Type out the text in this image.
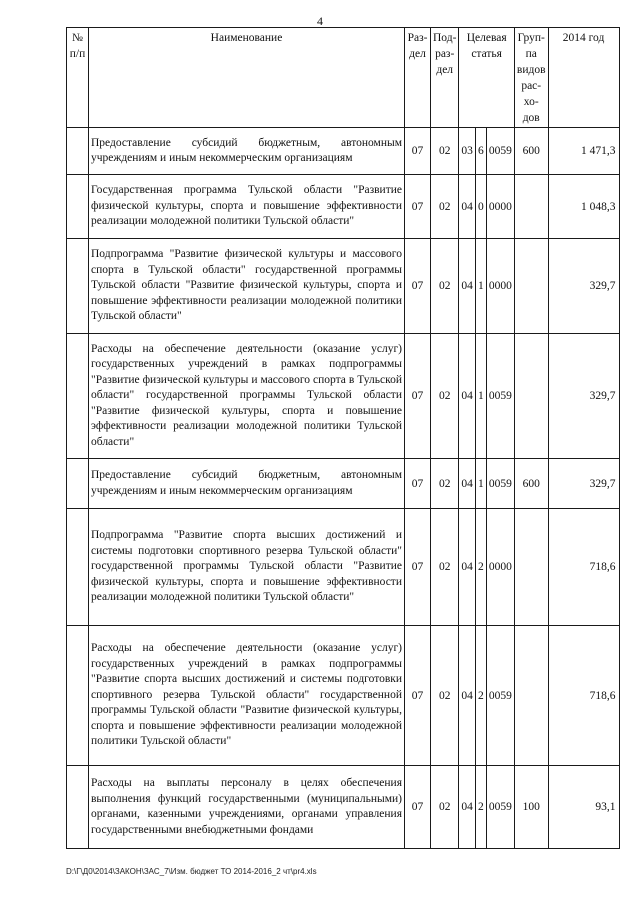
4
№ п/п	Наименование	Раз-дел	Под-раз-дел	Целевая статья			Груп-па видов рас-хо-дов	2014 год
	Предоставление субсидий бюджетным, автономным учреждениям и иным некоммерческим организациям	07	02	03	6	0059	600	1 471,3
	Государственная программа Тульской области "Развитие физической культуры, спорта и повышение эффективности реализации молодежной политики Тульской области"	07	02	04	0	0000		1 048,3
	Подпрограмма "Развитие физической культуры и массового спорта в Тульской области" государственной программы Тульской области "Развитие физической культуры, спорта и повышение эффективности реализации молодежной политики Тульской области"	07	02	04	1	0000		329,7
	Расходы на обеспечение деятельности (оказание услуг) государственных учреждений в рамках подпрограммы "Развитие физической культуры и массового спорта в Тульской области" государственной программы Тульской области "Развитие физической культуры, спорта и повышение эффективности реализации молодежной политики Тульской области"	07	02	04	1	0059		329,7
	Предоставление субсидий бюджетным, автономным учреждениям и иным некоммерческим организациям	07	02	04	1	0059	600	329,7
	Подпрограмма "Развитие спорта высших достижений и системы подготовки спортивного резерва Тульской области" государственной программы Тульской области "Развитие физической культуры, спорта и повышение эффективности реализации молодежной политики Тульской области"	07	02	04	2	0000		718,6
	Расходы на обеспечение деятельности (оказание услуг) государственных учреждений в рамках подпрограммы "Развитие спорта высших достижений и системы подготовки спортивного резерва Тульской области" государственной программы Тульской области "Развитие физической культуры, спорта и повышение эффективности реализации молодежной политики Тульской области"	07	02	04	2	0059		718,6
	Расходы на выплаты персоналу в целях обеспечения выполнения функций государственными (муниципальными) органами, казенными учреждениями, органами управления государственными внебюджетными фондами	07	02	04	2	0059	100	93,1
D:\Г\Д0\2014\ЗАКОН\ЗАС_7\Изм. бюджет ТО 2014-2016_2 чт\pr4.xls
